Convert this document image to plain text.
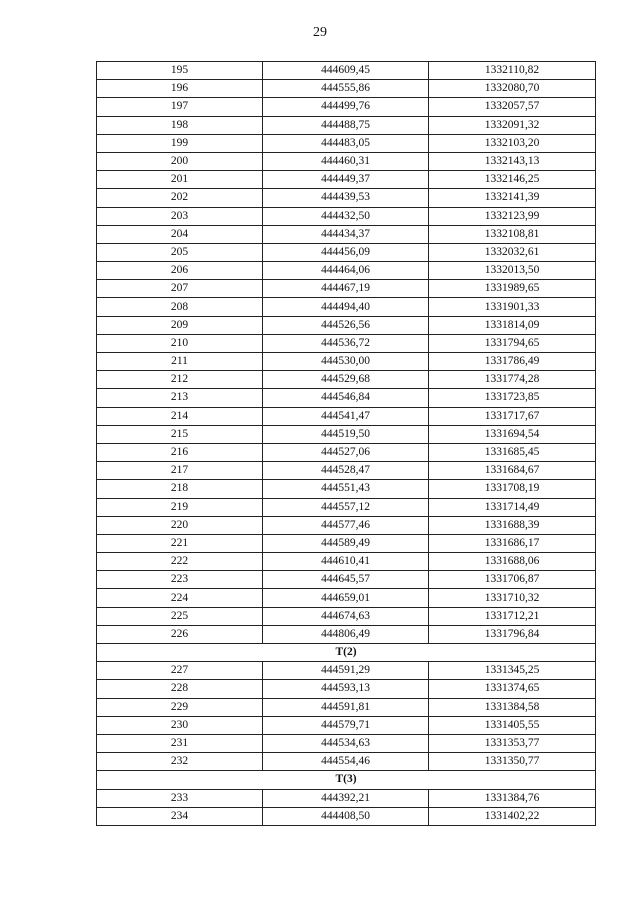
29
195	444609,45	1332110,82
196	444555,86	1332080,70
197	444499,76	1332057,57
198	444488,75	1332091,32
199	444483,05	1332103,20
200	444460,31	1332143,13
201	444449,37	1332146,25
202	444439,53	1332141,39
203	444432,50	1332123,99
204	444434,37	1332108,81
205	444456,09	1332032,61
206	444464,06	1332013,50
207	444467,19	1331989,65
208	444494,40	1331901,33
209	444526,56	1331814,09
210	444536,72	1331794,65
211	444530,00	1331786,49
212	444529,68	1331774,28
213	444546,84	1331723,85
214	444541,47	1331717,67
215	444519,50	1331694,54
216	444527,06	1331685,45
217	444528,47	1331684,67
218	444551,43	1331708,19
219	444557,12	1331714,49
220	444577,46	1331688,39
221	444589,49	1331686,17
222	444610,41	1331688,06
223	444645,57	1331706,87
224	444659,01	1331710,32
225	444674,63	1331712,21
226	444806,49	1331796,84
T(2)		
227	444591,29	1331345,25
228	444593,13	1331374,65
229	444591,81	1331384,58
230	444579,71	1331405,55
231	444534,63	1331353,77
232	444554,46	1331350,77
T(3)		
233	444392,21	1331384,76
234	444408,50	1331402,22
